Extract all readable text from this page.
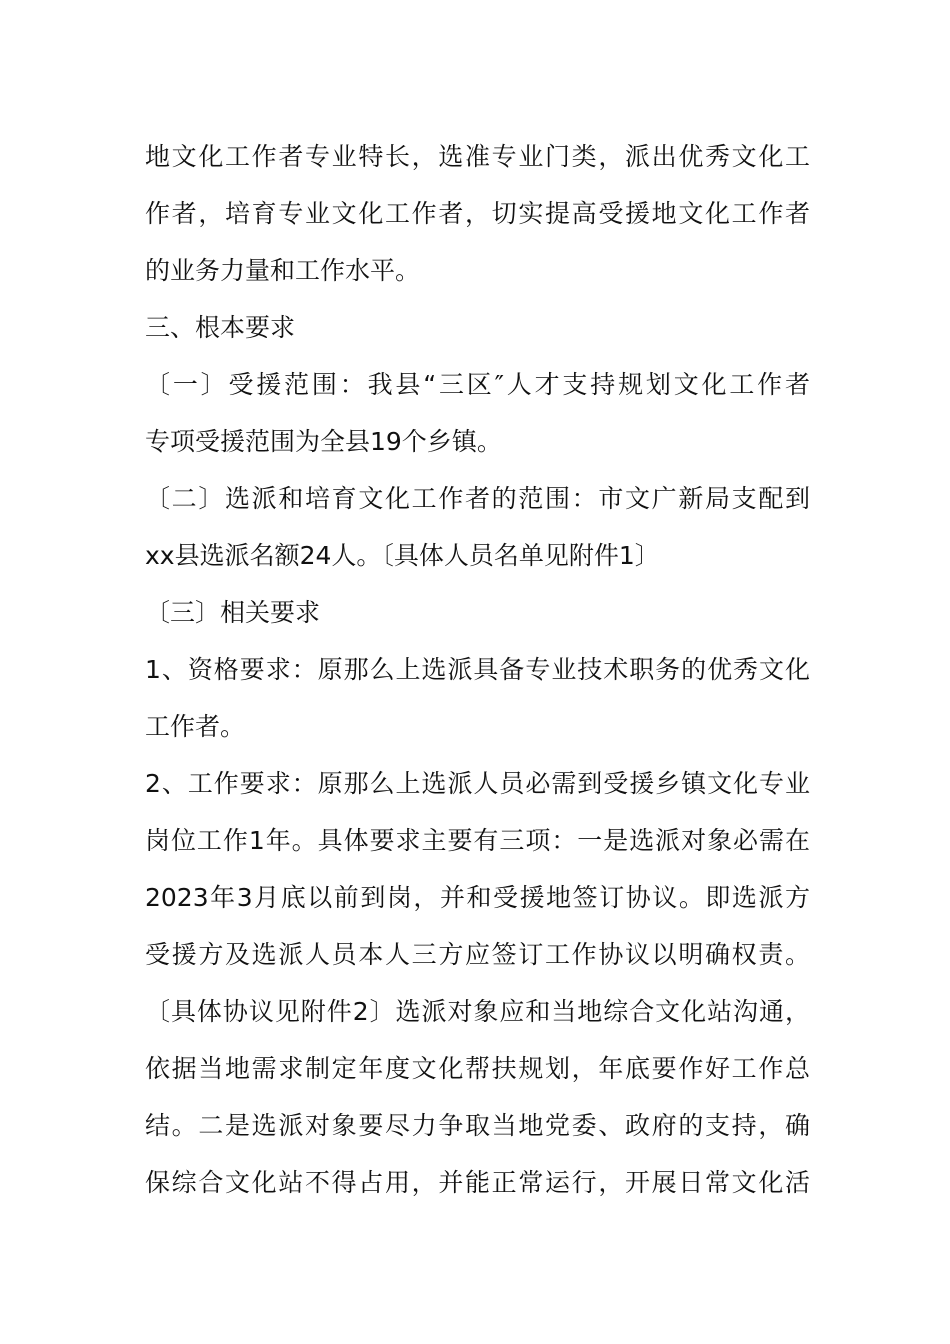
地文化工作者专业特长，选准专业门类，派出优秀文化工
作者，培育专业文化工作者，切实提高受援地文化工作者
的业务力量和工作水平。
三、根本要求
〔一〕受援范围：我县“三区″人才支持规划文化工作者
专项受援范围为全县19个乡镇。
〔二〕选派和培育文化工作者的范围：市文广新局支配到
xx县选派名额24人。〔具体人员名单见附件1〕
〔三〕相关要求
1、资格要求：原那么上选派具备专业技术职务的优秀文化
工作者。
2、工作要求：原那么上选派人员必需到受援乡镇文化专业
岗位工作1年。具体要求主要有三项：一是选派对象必需在
2023年3月底以前到岗，并和受援地签订协议。即选派方
受援方及选派人员本人三方应签订工作协议以明确权责。
〔具体协议见附件2〕选派对象应和当地综合文化站沟通，
依据当地需求制定年度文化帮扶规划，年底要作好工作总
结。二是选派对象要尽力争取当地党委、政府的支持，确
保综合文化站不得占用，并能正常运行，开展日常文化活
